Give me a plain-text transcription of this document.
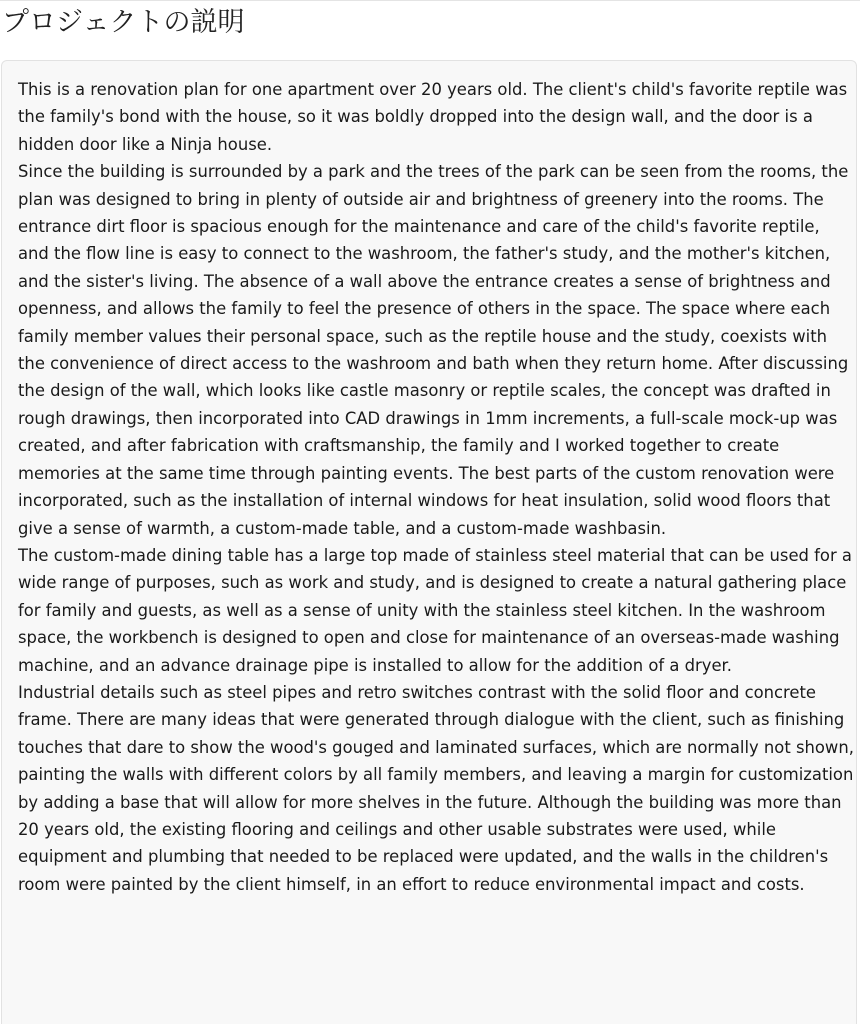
プロジェクトの説明

This is a renovation plan for one apartment over 20 years old. The client's child's favorite reptile was the family's bond with the house, so it was boldly dropped into the design wall, and the door is a hidden door like a Ninja house.

Since the building is surrounded by a park and the trees of the park can be seen from the rooms, the plan was designed to bring in plenty of outside air and brightness of greenery into the rooms. The entrance dirt floor is spacious enough for the maintenance and care of the child's favorite reptile, and the flow line is easy to connect to the washroom, the father's study, and the mother's kitchen, and the sister's living. The absence of a wall above the entrance creates a sense of brightness and openness, and allows the family to feel the presence of others in the space. The space where each family member values their personal space, such as the reptile house and the study, coexists with the convenience of direct access to the washroom and bath when they return home. After discussing the design of the wall, which looks like castle masonry or reptile scales, the concept was drafted in rough drawings, then incorporated into CAD drawings in 1mm increments, a full-scale mock-up was created, and after fabrication with craftsmanship, the family and I worked together to create memories at the same time through painting events. The best parts of the custom renovation were incorporated, such as the installation of internal windows for heat insulation, solid wood floors that give a sense of warmth, a custom-made table, and a custom-made washbasin.

The custom-made dining table has a large top made of stainless steel material that can be used for a wide range of purposes, such as work and study, and is designed to create a natural gathering place for family and guests, as well as a sense of unity with the stainless steel kitchen. In the washroom space, the workbench is designed to open and close for maintenance of an overseas-made washing machine, and an advance drainage pipe is installed to allow for the addition of a dryer.

Industrial details such as steel pipes and retro switches contrast with the solid floor and concrete frame. There are many ideas that were generated through dialogue with the client, such as finishing touches that dare to show the wood's gouged and laminated surfaces, which are normally not shown, painting the walls with different colors by all family members, and leaving a margin for customization by adding a base that will allow for more shelves in the future. Although the building was more than 20 years old, the existing flooring and ceilings and other usable substrates were used, while equipment and plumbing that needed to be replaced were updated, and the walls in the children's room were painted by the client himself, in an effort to reduce environmental impact and costs.
